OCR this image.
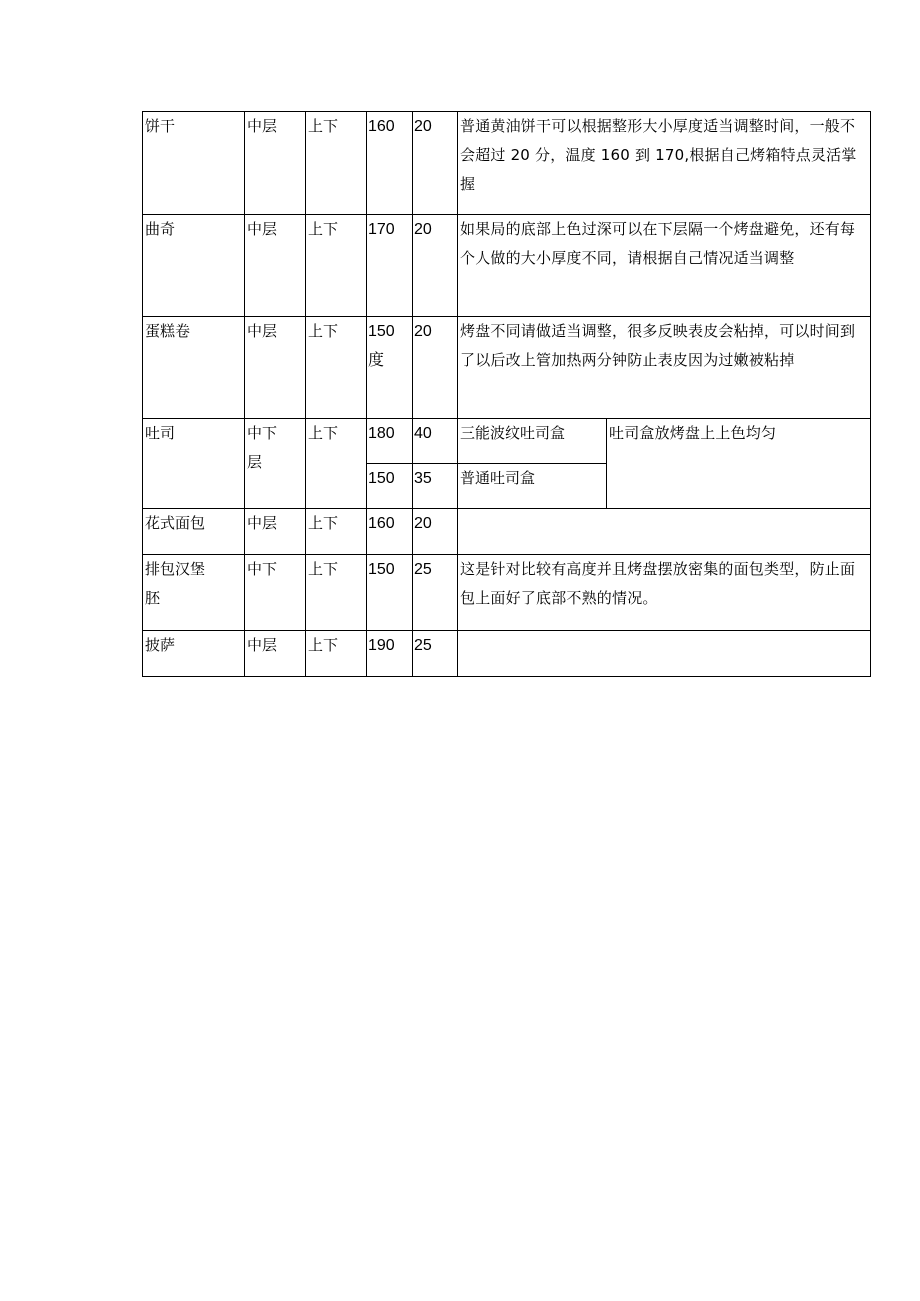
饼干	中层	上下	160	20	普通黄油饼干可以根据整形大小厚度适当调整时间，一般不会超过 20 分，温度 160 到 170,根据自己烤箱特点灵活掌握	
曲奇	中层	上下	170	20	如果局的底部上色过深可以在下层隔一个烤盘避免，还有每个人做的大小厚度不同，请根据自己情况适当调整	
蛋糕卷	中层	上下	150 度	20	烤盘不同请做适当调整，很多反映表皮会粘掉，可以时间到了以后改上管加热两分钟防止表皮因为过嫩被粘掉	
吐司	中下层	上下	180	40	三能波纹吐司盒	吐司盒放烤盘上上色均匀
			150	35	普通吐司盒	
花式面包	中层	上下	160	20		

排包汉堡胚	中下	上下	150	25	这是针对比较有高度并且烤盘摆放密集的面包类型，防止面包上面好了底部不熟的情况。	
披萨	中层	上下	190	25		
